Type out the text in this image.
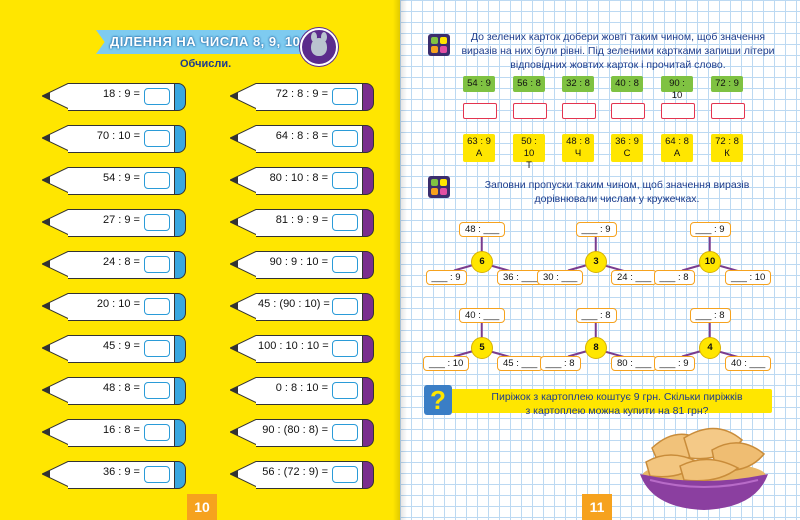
ДІЛЕННЯ НА ЧИСЛА 8, 9, 10
Обчисли.
18 : 9 =	72 : 8 : 9 =
70 : 10 =	64 : 8 : 8 =
54 : 9 =	80 : 10 : 8 =
27 : 9 =	81 : 9 : 9 =
24 : 8 =	90 : 9 : 10 =
20 : 10 =	45 : (90 : 10) =
45 : 9 =	100 : 10 : 10 =
48 : 8 =	0 : 8 : 10 =
16 : 8 =	90 : (80 : 8) =
36 : 9 =	56 : (72 : 9) =
10	11
До зелених карток добери жовті таким чином, щоб значення
виразів на них були рівні. Під зеленими картками запиши літери
відповідних жовтих карток і прочитай слово.
54 : 9
63 : 9
А
56 : 8
50 : 10
Т
32 : 8
48 : 8
Ч
40 : 8
36 : 9
С
90 : 10
64 : 8
А
72 : 9
72 : 8
К
Заповни пропуски таким чином, щоб значення виразів
дорівнювали числам у кружечках.
48 : ___
___ : 9	36 : ___
6
___ : 9
30 : ___	24 : ___
3
___ : 9
___ : 8	___ : 10
10
40 : ___
___ : 10	45 : ___
5
___ : 8
___ : 8	80 : ___
8
___ : 8
___ : 9	40 : ___
4
?	Пиріжок з картоплею коштує 9 грн. Скільки пиріжків
з картоплею можна купити на 81 грн?
